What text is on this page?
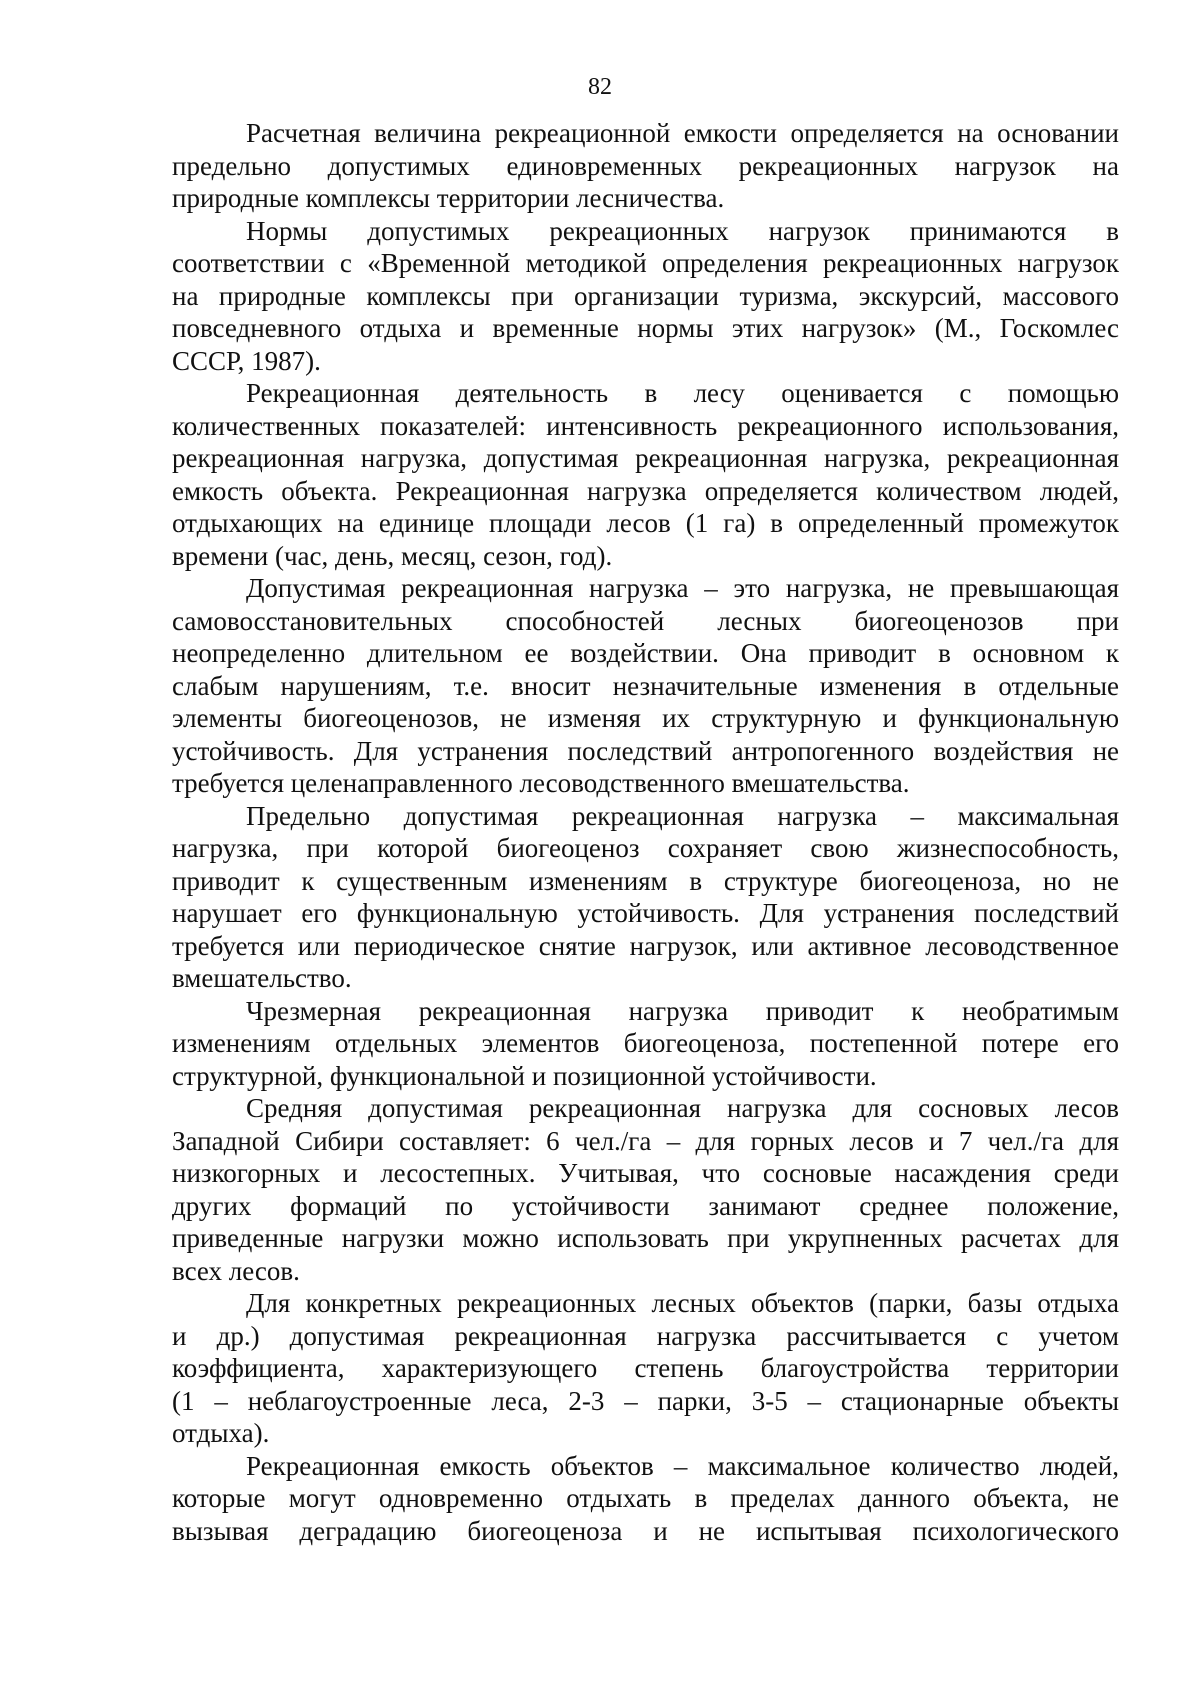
82
Расчетная величина рекреационной емкости определяется на основании
предельно допустимых единовременных рекреационных нагрузок на
природные комплексы территории лесничества.
Нормы допустимых рекреационных нагрузок принимаются в
соответствии с «Временной методикой определения рекреационных нагрузок
на природные комплексы при организации туризма, экскурсий, массового
повседневного отдыха и временные нормы этих нагрузок» (М., Госкомлес
СССР, 1987).
Рекреационная деятельность в лесу оценивается с помощью
количественных показателей: интенсивность рекреационного использования,
рекреационная нагрузка, допустимая рекреационная нагрузка, рекреационная
емкость объекта. Рекреационная нагрузка определяется количеством людей,
отдыхающих на единице площади лесов (1 га) в определенный промежуток
времени (час, день, месяц, сезон, год).
Допустимая рекреационная нагрузка – это нагрузка, не превышающая
самовосстановительных способностей лесных биогеоценозов при
неопределенно длительном ее воздействии. Она приводит в основном к
слабым нарушениям, т.е. вносит незначительные изменения в отдельные
элементы биогеоценозов, не изменяя их структурную и функциональную
устойчивость. Для устранения последствий антропогенного воздействия не
требуется целенаправленного лесоводственного вмешательства.
Предельно допустимая рекреационная нагрузка – максимальная
нагрузка, при которой биогеоценоз сохраняет свою жизнеспособность,
приводит к существенным изменениям в структуре биогеоценоза, но не
нарушает его функциональную устойчивость. Для устранения последствий
требуется или периодическое снятие нагрузок, или активное лесоводственное
вмешательство.
Чрезмерная рекреационная нагрузка приводит к необратимым
изменениям отдельных элементов биогеоценоза, постепенной потере его
структурной, функциональной и позиционной устойчивости.
Средняя допустимая рекреационная нагрузка для сосновых лесов
Западной Сибири составляет: 6 чел./га – для горных лесов и 7 чел./га для
низкогорных и лесостепных. Учитывая, что сосновые насаждения среди
других формаций по устойчивости занимают среднее положение,
приведенные нагрузки можно использовать при укрупненных расчетах для
всех лесов.
Для конкретных рекреационных лесных объектов (парки, базы отдыха
и др.) допустимая рекреационная нагрузка рассчитывается с учетом
коэффициента, характеризующего степень благоустройства территории
(1 – неблагоустроенные леса, 2-3 – парки, 3-5 – стационарные объекты
отдыха).
Рекреационная емкость объектов – максимальное количество людей,
которые могут одновременно отдыхать в пределах данного объекта, не
вызывая деградацию биогеоценоза и не испытывая психологического
